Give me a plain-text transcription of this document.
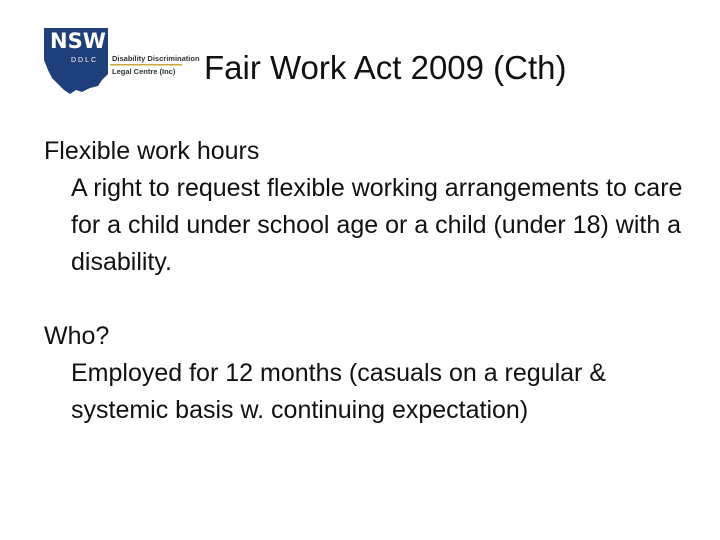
NSW
DDLC Disability Discrimination
Legal Centre (Inc) Fair Work Act 2009 (Cth)

Flexible work hours

A right to request flexible working arrangements to care for a child under school age or a child (under 18) with a disability.

Who?

Employed for 12 months (casuals on a regular & systemic basis w. continuing expectation)
